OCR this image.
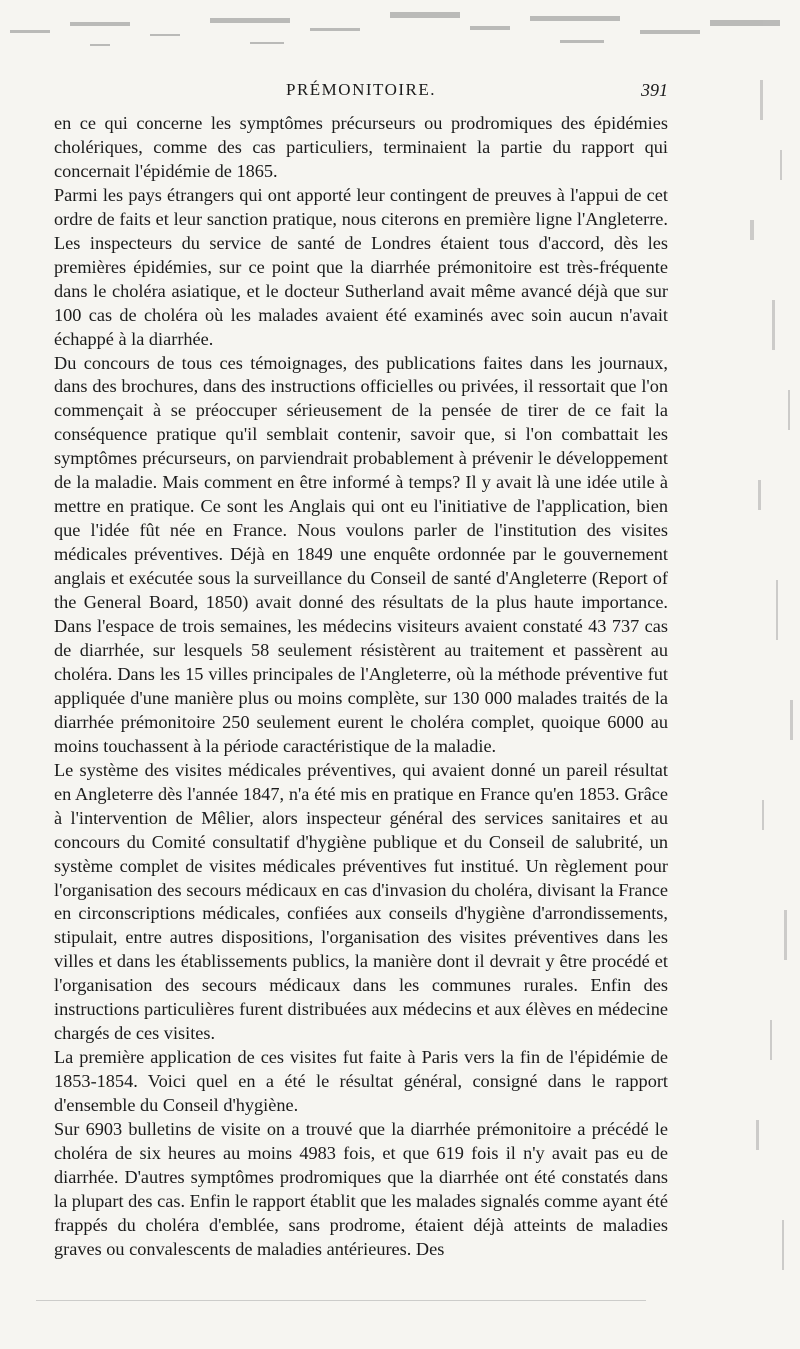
PRÉMONITOIRE.	391

en ce qui concerne les symptômes précurseurs ou prodromiques des épidémies cholériques, comme des cas particuliers, terminaient la partie du rapport qui concernait l'épidémie de 1865.

Parmi les pays étrangers qui ont apporté leur contingent de preuves à l'appui de cet ordre de faits et leur sanction pratique, nous citerons en première ligne l'Angleterre. Les inspecteurs du service de santé de Londres étaient tous d'accord, dès les premières épidémies, sur ce point que la diarrhée prémonitoire est très-fréquente dans le choléra asiatique, et le docteur Sutherland avait même avancé déjà que sur 100 cas de choléra où les malades avaient été examinés avec soin aucun n'avait échappé à la diarrhée.

Du concours de tous ces témoignages, des publications faites dans les journaux, dans des brochures, dans des instructions officielles ou privées, il ressortait que l'on commençait à se préoccuper sérieusement de la pensée de tirer de ce fait la conséquence pratique qu'il semblait contenir, savoir que, si l'on combattait les symptômes précurseurs, on parviendrait probablement à prévenir le développement de la maladie. Mais comment en être informé à temps? Il y avait là une idée utile à mettre en pratique. Ce sont les Anglais qui ont eu l'initiative de l'application, bien que l'idée fût née en France. Nous voulons parler de l'institution des visites médicales préventives. Déjà en 1849 une enquête ordonnée par le gouvernement anglais et exécutée sous la surveillance du Conseil de santé d'Angleterre (Report of the General Board, 1850) avait donné des résultats de la plus haute importance. Dans l'espace de trois semaines, les médecins visiteurs avaient constaté 43 737 cas de diarrhée, sur lesquels 58 seulement résistèrent au traitement et passèrent au choléra. Dans les 15 villes principales de l'Angleterre, où la méthode préventive fut appliquée d'une manière plus ou moins complète, sur 130 000 malades traités de la diarrhée prémonitoire 250 seulement eurent le choléra complet, quoique 6000 au moins touchassent à la période caractéristique de la maladie.

Le système des visites médicales préventives, qui avaient donné un pareil résultat en Angleterre dès l'année 1847, n'a été mis en pratique en France qu'en 1853. Grâce à l'intervention de Mêlier, alors inspecteur général des services sanitaires et au concours du Comité consultatif d'hygiène publique et du Conseil de salubrité, un système complet de visites médicales préventives fut institué. Un règlement pour l'organisation des secours médicaux en cas d'invasion du choléra, divisant la France en circonscriptions médicales, confiées aux conseils d'hygiène d'arrondissements, stipulait, entre autres dispositions, l'organisation des visites préventives dans les villes et dans les établissements publics, la manière dont il devrait y être procédé et l'organisation des secours médicaux dans les communes rurales. Enfin des instructions particulières furent distribuées aux médecins et aux élèves en médecine chargés de ces visites.

La première application de ces visites fut faite à Paris vers la fin de l'épidémie de 1853-1854. Voici quel en a été le résultat général, consigné dans le rapport d'ensemble du Conseil d'hygiène.

Sur 6903 bulletins de visite on a trouvé que la diarrhée prémonitoire a précédé le choléra de six heures au moins 4983 fois, et que 619 fois il n'y avait pas eu de diarrhée. D'autres symptômes prodromiques que la diarrhée ont été constatés dans la plupart des cas. Enfin le rapport établit que les malades signalés comme ayant été frappés du choléra d'emblée, sans prodrome, étaient déjà atteints de maladies graves ou convalescents de maladies antérieures. Des
